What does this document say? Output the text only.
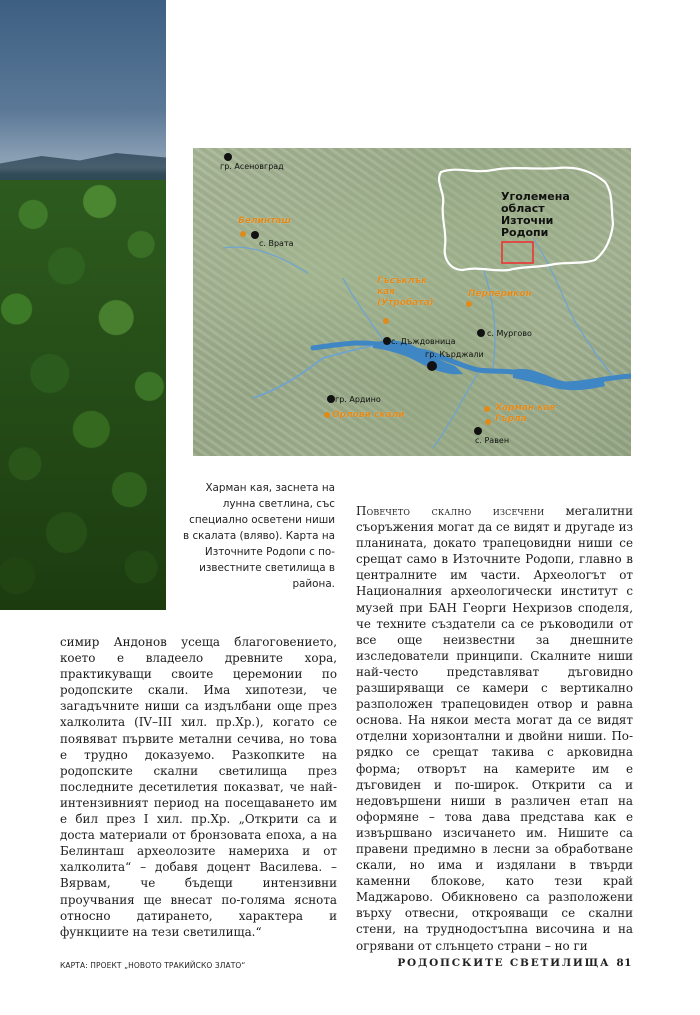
Уголемена
област
Източни
Родопи
гр. Асеновград
с. Врата
с. Дъждовница
с. Мургово
гр. Кърджали
гр. Ардино
с. Равен
Белинташ
Гъсъклък
кая
(Утробата)
Перперикон
Орлови скали
Харман кая
Гърла
Харман кая, заснета на лунна светлина, със специално осветени ниши в скалата (вляво). Карта на Източните Родопи с по-известните светилища в района.
Повечето скално изсечени мегалитни съоръжения могат да се видят и другаде из планината, докато трапецовидни ниши се срещат само в Източните Родопи, главно в централните им части. Археологът от Националния археологически институт с музей при БАН Георги Нехризов споделя, че техните създатели са се ръководили от все още неизвестни за днешните изследователи принципи. Скалните ниши най-често представляват дъговидно разширяващи се камери с вертикално разположен трапецовиден отвор и равна основа. На някои места могат да се видят отделни хоризонтални и двойни ниши. По-рядко се срещат такива с арковидна форма; отворът на камерите им е дъговиден и по-широк. Открити са и недовършени ниши в различен етап на оформяне – това дава представа как е извършвано изсичането им. Нишите са правени предимно в лесни за обработване скали, но има и издялани в твърди каменни блокове, като тези край Маджарово. Обикновено са разположени върху отвесни, открояващи се скални стени, на труднодостъпна височина и на огрявани от слънцето страни – но ги
симир Андонов усеща благоговението, което е владеело древните хора, практикуващи своите церемонии по родопските скали. Има хипотези, че загадъчните ниши са издълбани още през халколита (IV–III хил. пр.Хр.), когато се появяват първите метални сечива, но това е трудно доказуемо. Разкопките на родопските скални светилища през последните десетилетия показват, че най-интензивният период на посещаването им е бил през I хил. пр.Хр. „Открити са и доста материали от бронзовата епоха, а на Белинташ археолозите намериха и от халколита“ – добавя доцент Василева. – Вярвам, че бъдещи интензивни проучвания ще внесат по-голяма яснота относно датирането, характера и функциите на тези светилища.“
КАРТА: ПРОЕКТ „НОВОТО ТРАКИЙСКО ЗЛАТО“	РОДОПСКИТЕ СВЕТИЛИЩА 81
